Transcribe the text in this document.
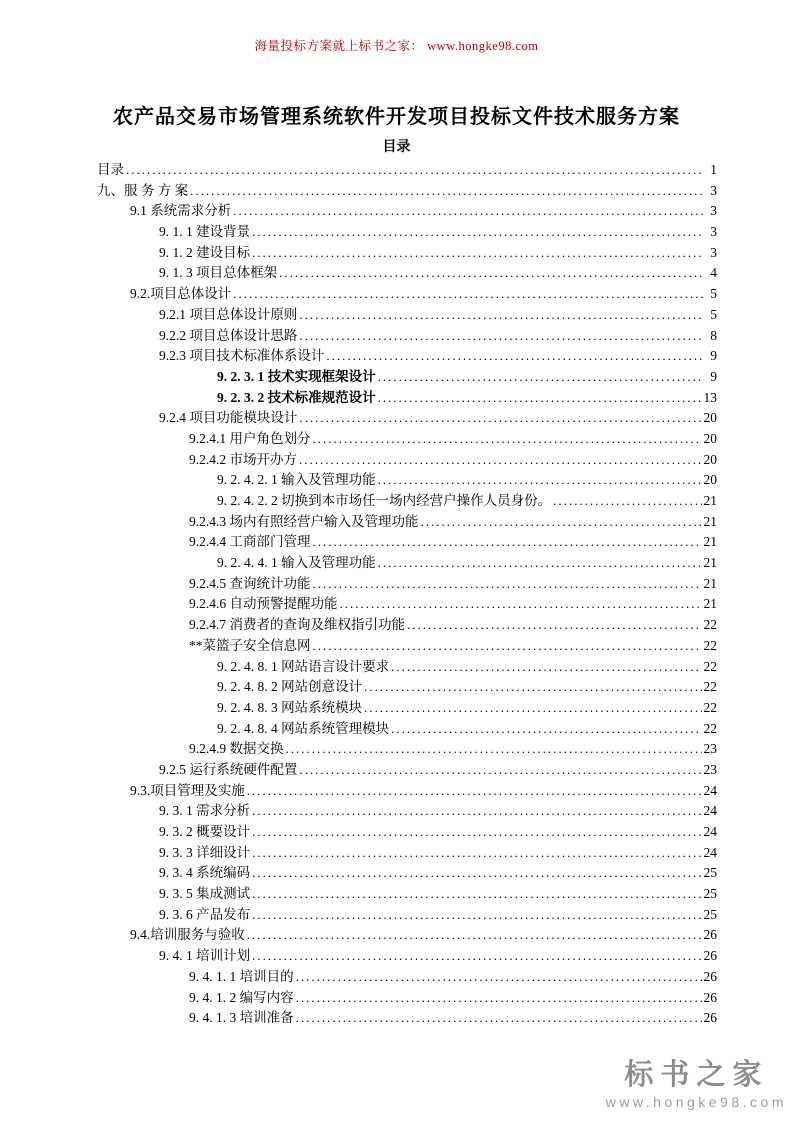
海量投标方案就上标书之家： www.hongke98.com
农产品交易市场管理系统软件开发项目投标文件技术服务方案
目录
目录 .....	1
九、服 务 方 案 .....	3
9.1 系统需求分析 .....	3
9. 1. 1 建设背景 .....	3
9. 1. 2 建设目标 .....	3
9. 1. 3 项目总体框架 .....	4
9.2.项目总体设计 .....	5
9.2.1 项目总体设计原则 .....	5
9.2.2 项目总体设计思路 .....	8
9.2.3 项目技术标准体系设计 .....	9
9. 2. 3. 1 技术实现框架设计 .....	9
9. 2. 3. 2 技术标准规范设计 .....	13
9.2.4 项目功能模块设计 .....	20
9.2.4.1 用户角色划分 .....	20
9.2.4.2 市场开办方 .....	20
9. 2. 4. 2. 1 输入及管理功能 .....	20
9. 2. 4. 2. 2 切换到本市场任一场内经营户操作人员身份。 .....	21
9.2.4.3 场内有照经营户输入及管理功能 .....	21
9.2.4.4 工商部门管理 .....	21
9. 2. 4. 4. 1 输入及管理功能 .....	21
9.2.4.5 查询统计功能 .....	21
9.2.4.6 自动预警提醒功能 .....	21
9.2.4.7 消费者的查询及维权指引功能 .....	22
**菜篮子安全信息网 .....	22
9. 2. 4. 8. 1 网站语言设计要求 .....	22
9. 2. 4. 8. 2 网站创意设计 .....	22
9. 2. 4. 8. 3 网站系统模块 .....	22
9. 2. 4. 8. 4 网站系统管理模块 .....	22
9.2.4.9 数据交换 .....	23
9.2.5 运行系统硬件配置 .....	23
9.3.项目管理及实施 .....	24
9. 3. 1 需求分析 .....	24
9. 3. 2 概要设计 .....	24
9. 3. 3 详细设计 .....	24
9. 3. 4 系统编码 .....	25
9. 3. 5 集成测试 .....	25
9. 3. 6 产品发布 .....	25
9.4.培训服务与验收 .....	26
9. 4. 1 培训计划 .....	26
9. 4. 1. 1 培训目的 .....	26
9. 4. 1. 2 编写内容 .....	26
9. 4. 1. 3 培训准备 .....	26
标书之家
www.hongke98.com
